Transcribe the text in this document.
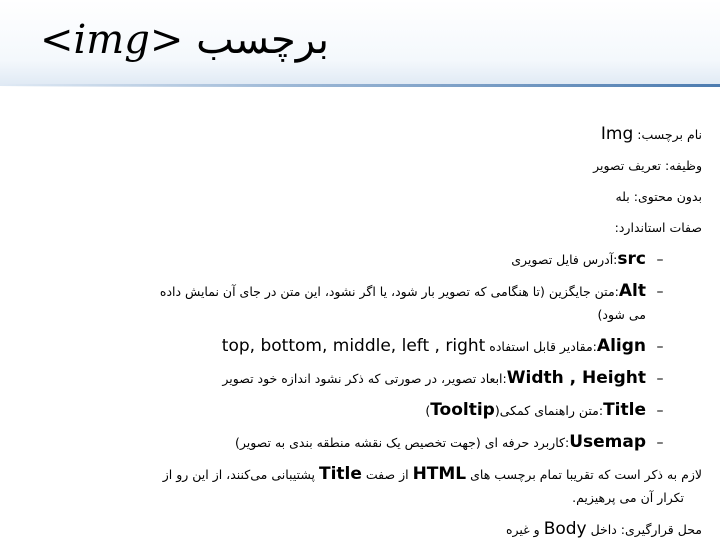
<img> برچسب
نام برچسب: Img
وظیفه: تعریف تصویر
بدون محتوی: بله
صفات استاندارد:
–src:آدرس فایل تصویری
–Alt:متن جایگزین (تا هنگامی که تصویر بار شود، یا اگر نشود، این متن در جای آن نمایش داده
می شود)
–Align:مقادیر قابل استفاده top, bottom, middle, left , right
–Width , Height:ابعاد تصویر، در صورتی که ذکر نشود اندازه خود تصویر
–Title:متن راهنمای کمکی(Tooltip)
–Usemap:کاربرد حرفه ای (جهت تخصیص یک نقشه منطقه بندی به تصویر)
لازم به ذکر است که تقریبا تمام برچسب های HTML از صفت Title پشتیبانی می‌کنند، از این رو از
تکرار آن می پرهیزیم.
محل قرارگیری: داخل Body و غیره
